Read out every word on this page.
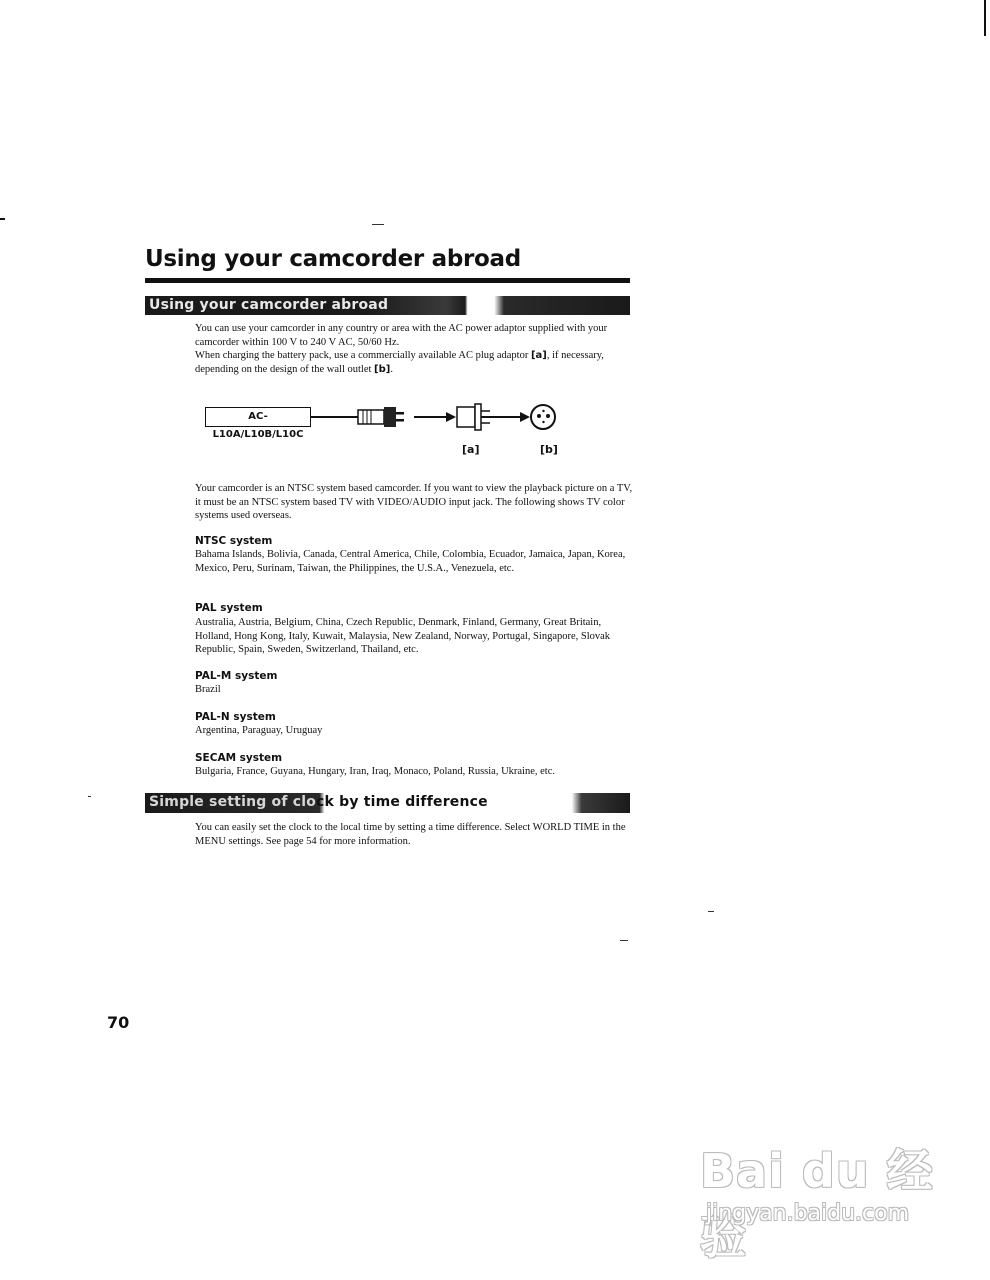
Using your camcorder abroad
Using your camcorder abroad

You can use your camcorder in any country or area with the AC power adaptor supplied with your camcorder within 100 V to 240 V AC, 50/60 Hz.
When charging the battery pack, use a commercially available AC plug adaptor [a], if necessary, depending on the design of the wall outlet [b].

AC-L10A/L10B/L10C
[a]	[b]

Your camcorder is an NTSC system based camcorder. If you want to view the playback picture on a TV, it must be an NTSC system based TV with VIDEO/AUDIO input jack. The following shows TV color systems used overseas.

NTSC system

Bahama Islands, Bolivia, Canada, Central America, Chile, Colombia, Ecuador, Jamaica, Japan, Korea, Mexico, Peru, Surinam, Taiwan, the Philippines, the U.S.A., Venezuela, etc.

PAL system

Australia, Austria, Belgium, China, Czech Republic, Denmark, Finland, Germany, Great Britain, Holland, Hong Kong, Italy, Kuwait, Malaysia, New Zealand, Norway, Portugal, Singapore, Slovak Republic, Spain, Sweden, Switzerland, Thailand, etc.

PAL-M system

Brazil

PAL-N system

Argentina, Paraguay, Uruguay

SECAM system

Bulgaria, France, Guyana, Hungary, Iran, Iraq, Monaco, Poland, Russia, Ukraine, etc.

Simple setting of clock by time difference

You can easily set the clock to the local time by setting a time difference. Select WORLD TIME in the MENU settings. See page 54 for more information.

70
Bai du 经验
jingyan.baidu.com
